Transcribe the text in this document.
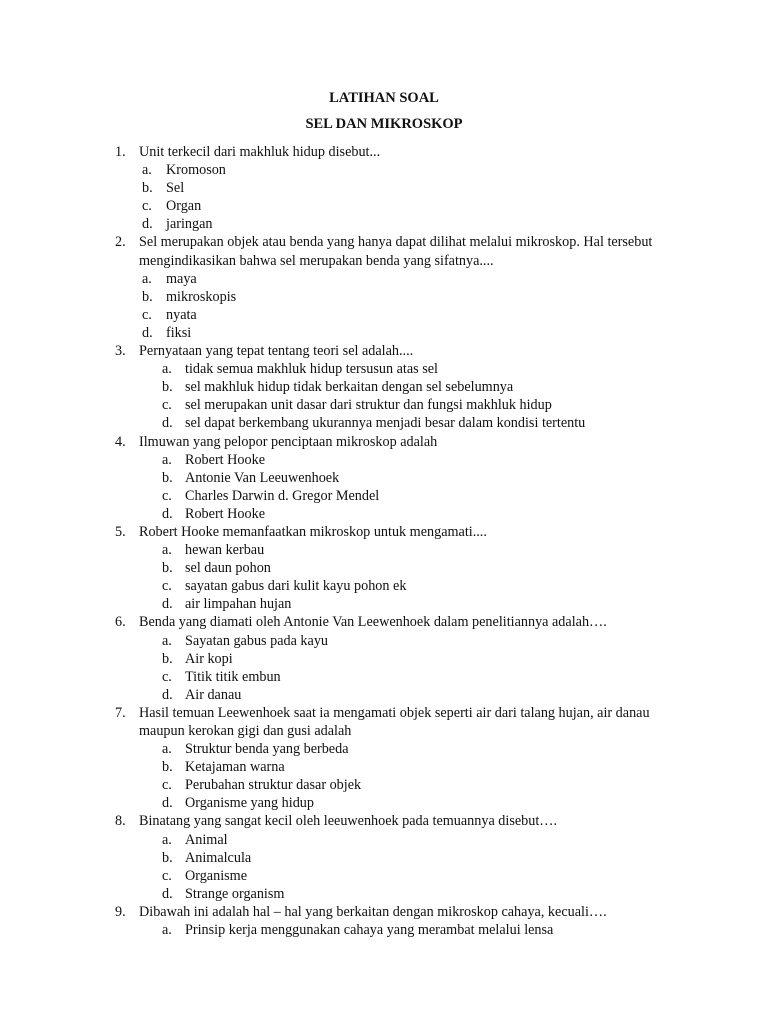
LATIHAN SOAL
SEL DAN MIKROSKOP
1. Unit terkecil dari makhluk hidup disebut...
a. Kromoson
b. Sel
c. Organ
d. jaringan
2. Sel merupakan objek atau benda yang hanya dapat dilihat melalui mikroskop. Hal tersebut mengindikasikan bahwa sel merupakan benda yang sifatnya....
a. maya
b. mikroskopis
c. nyata
d. fiksi
3. Pernyataan yang tepat tentang teori sel adalah....
a. tidak semua makhluk hidup tersusun atas sel
b. sel makhluk hidup tidak berkaitan dengan sel sebelumnya
c. sel merupakan unit dasar dari struktur dan fungsi makhluk hidup
d. sel dapat berkembang ukurannya menjadi besar dalam kondisi tertentu
4. Ilmuwan yang pelopor penciptaan mikroskop adalah
a. Robert Hooke
b. Antonie Van Leeuwenhoek
c. Charles Darwin d. Gregor Mendel
d. Robert Hooke
5. Robert Hooke memanfaatkan mikroskop untuk mengamati....
a. hewan kerbau
b. sel daun pohon
c. sayatan gabus dari kulit kayu pohon ek
d. air limpahan hujan
6. Benda yang diamati oleh Antonie Van Leewenhoek dalam penelitiannya adalah….
a. Sayatan gabus pada kayu
b. Air kopi
c. Titik titik embun
d. Air danau
7. Hasil temuan Leewenhoek saat ia mengamati objek seperti air dari talang hujan, air danau maupun kerokan gigi dan gusi adalah
a. Struktur benda yang berbeda
b. Ketajaman warna
c. Perubahan struktur dasar objek
d. Organisme yang hidup
8. Binatang yang sangat kecil oleh leeuwenhoek pada temuannya disebut….
a. Animal
b. Animalcula
c. Organisme
d. Strange organism
9. Dibawah ini adalah hal – hal yang berkaitan dengan mikroskop cahaya, kecuali….
a. Prinsip kerja menggunakan cahaya yang merambat melalui lensa
